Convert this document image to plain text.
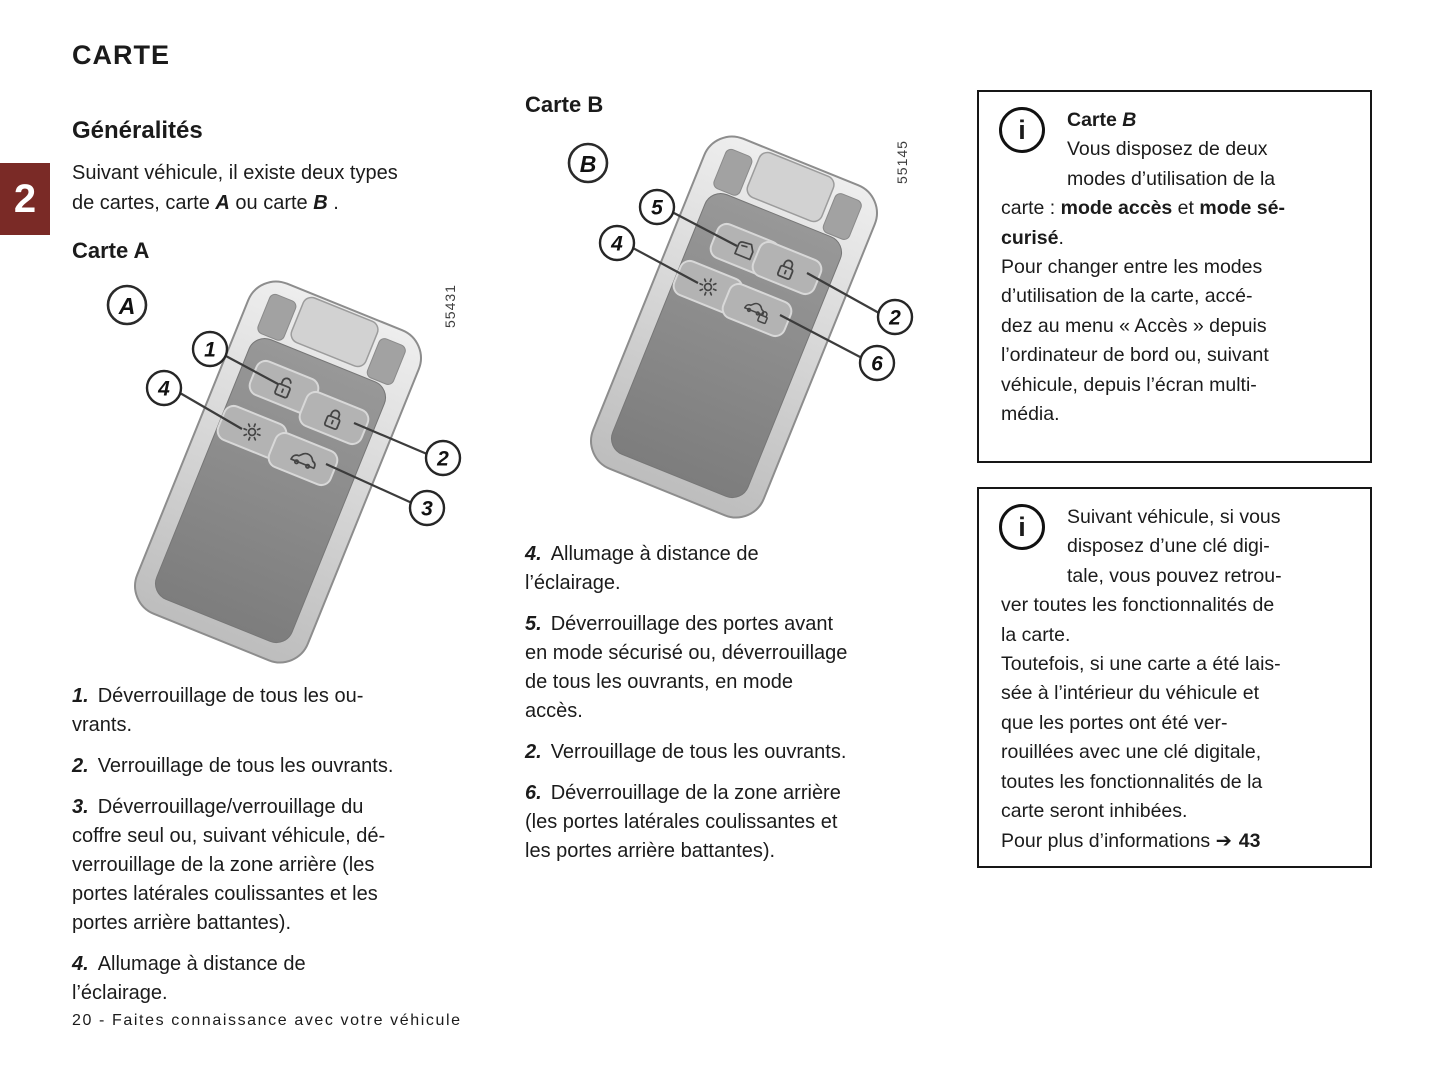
2
CARTE
Généralités
Suivant véhicule, il existe deux types
de cartes, carte A ou carte B .
Carte A
A
1
4
2
3
55431
1. Déverrouillage de tous les ou-
vrants.
2. Verrouillage de tous les ouvrants.
3. Déverrouillage/verrouillage du
coffre seul ou, suivant véhicule, dé-
verrouillage de la zone arrière (les
portes latérales coulissantes et les
portes arrière battantes).
4. Allumage à distance de
l’éclairage.
Carte B
B
5
4
2
6
55145
4. Allumage à distance de
l’éclairage.
5. Déverrouillage des portes avant
en mode sécurisé ou, déverrouillage
de tous les ouvrants, en mode
accès.
2. Verrouillage de tous les ouvrants.
6. Déverrouillage de la zone arrière
(les portes latérales coulissantes et
les portes arrière battantes).
i	Carte B
Vous disposez de deux
modes d’utilisation de la
carte : mode accès et mode sé-
curisé.
Pour changer entre les modes
d’utilisation de la carte, accé-
dez au menu « Accès » depuis
l’ordinateur de bord ou, suivant
véhicule, depuis l’écran multi-
média.
i	Suivant véhicule, si vous
disposez d’une clé digi-
tale, vous pouvez retrou-
ver toutes les fonctionnalités de
la carte.
Toutefois, si une carte a été lais-
sée à l’intérieur du véhicule et
que les portes ont été ver-
rouillées avec une clé digitale,
toutes les fonctionnalités de la
carte seront inhibées.
Pour plus d’informations ➔ 43
20 - Faites connaissance avec votre véhicule
